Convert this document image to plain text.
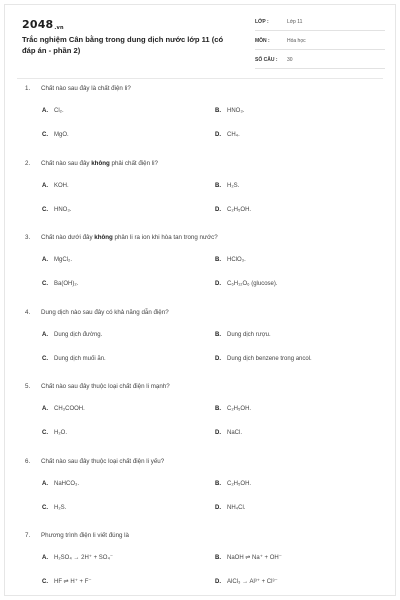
$2048_{.vn}$
Trắc nghiệm Cân bằng trong dung dịch nước lớp 11 (có đáp án - phần 2)
LỚP :	Lớp 11
MÔN :	Hóa học
SỐ CÂU : 30
1. Chất nào sau đây là chất điện li?
A. Cl₂.	B. HNO₃.
C. MgO.	D. CH₄.
2. Chất nào sau đây không phải chất điện li?
A. KOH.	B. H₂S.
C. HNO₃.	D. C₂H₅OH.
3. Chất nào dưới đây không phân li ra ion khi hòa tan trong nước?
A. MgCl₂.	B. HClO₃.
C. Ba(OH)₂.	D. C₆H₁₂O₆ (glucose).
4. Dung dịch nào sau đây có khả năng dẫn điện?
A. Dung dịch đường.	B. Dung dịch rượu.
C. Dung dịch muối ăn.	D. Dung dịch benzene trong ancol.
5. Chất nào sau đây thuộc loại chất điện li mạnh?
A. CH₃COOH.	B. C₂H₅OH.
C. H₂O.	D. NaCl.
6. Chất nào sau đây thuộc loại chất điện li yếu?
A. NaHCO₃.	B. C₂H₅OH.
C. H₂S.	D. NH₄Cl.
7. Phương trình điện li viết đúng là
A. H₂SO₄ → 2H⁺ + SO₄⁻	B. NaOH ⇌ Na⁺ + OH⁻
C. HF ⇌ H⁺ + F⁻	D. AlCl₃ → Al³⁺ + Cl³⁻
